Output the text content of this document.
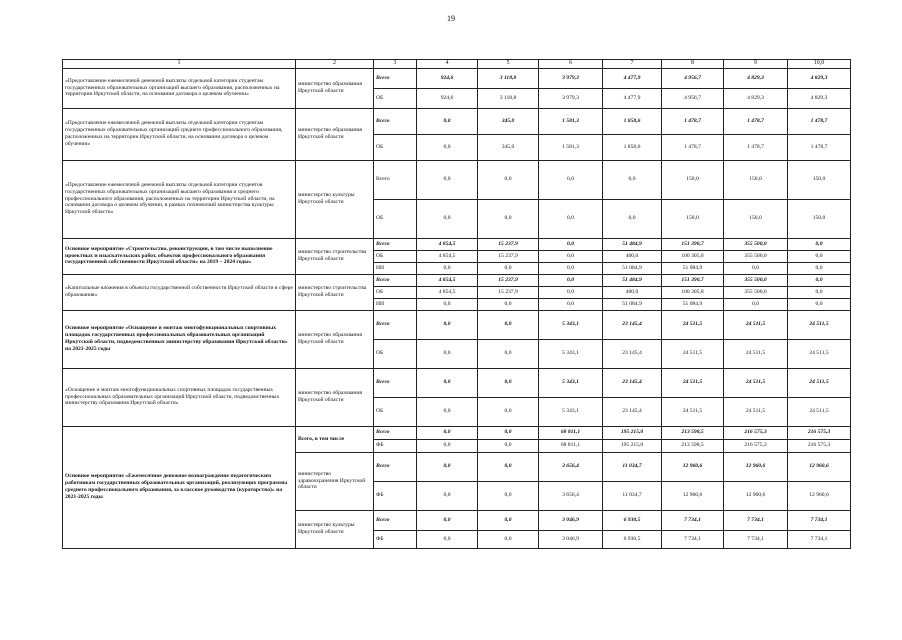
19
1	2	3	4	5	6	7	8	9	10,0
«Предоставление ежемесячной денежной выплаты отдельной категории студентам государственных образовательных организаций высшего образования, расположенных на территории Иркутской области, на основании договора о целевом обучении»	министерство образования Иркутской области	Всего	924,6	3 118,8	3 979,3	4 477,9	4 956,7	4 829,3	4 829,3
		ОБ	924,6	3 118,8	3 979,3	4 477,9	4 956,7	4 829,3	4 829,3
«Предоставление ежемесячной денежной выплаты отдельной категории студентам государственных образовательных организаций среднего профессионального образования, расположенных на территории Иркутской области, на основании договора о целевом обучении»	министерство образования Иркутской области	Всего	0,0	345,0	1 581,3	1 858,6	1 478,7	1 478,7	1 478,7
		ОБ	0,0	345,0	1 581,3	1 858,6	1 478,7	1 478,7	1 478,7
«Предоставление ежемесячной денежной выплаты отдельной категории студентов государственных образовательных организаций высшего образования и среднего профессионального образования, расположенных на территории Иркутской области, на основании договора о целевом обучении, в рамках полномочий министерства культуры Иркутской области»	министерство культуры Иркутской области	Всего	0,0	0,0	0,0	0,0	150,0	150,0	150,0
		ОБ	0,0	0,0	0,0	0,0	150,0	150,0	150,0
Основное мероприятие «Строительство, реконструкция, в том числе выполнение проектных и изыскательских работ, объектов профессионального образования государственной собственности Иркутской области» на 2019 – 2024 годы»	министерство строительства Иркутской области	Всего	4 854,5	15 237,9	0,0	51 484,9	151 390,7	355 500,0	0,0
		ОБ	4 854,5	15 237,9	0,0	400,0	100 305,8	355 500,0	0,0
		ИИ	0,0	0,0	0,0	51 084,9	51 084,9	0,0	0,0
«Капитальные вложения в объекты государственной собственности Иркутской области в сфере образования»	министерство строительства Иркутской области	Всего	4 854,5	15 237,9	0,0	51 484,9	151 390,7	355 500,0	0,0
		ОБ	4 854,5	15 237,9	0,0	400,0	100 305,8	355 500,0	0,0
		ИИ	0,0	0,0	0,0	51 084,9	51 084,9	0,0	0,0
Основное мероприятие «Оснащение и монтаж многофункциональных спортивных площадок государственных профессиональных образовательных организаций Иркутской области, подведомственных министерству образования Иркутской области» на 2021-2025 годы	министерство образования Иркутской области	Всего	0,0	0,0	5 343,1	23 145,4	24 511,5	24 511,5	24 511,5
		ОБ	0,0	0,0	5 343,1	23 145,4	24 511,5	24 511,5	24 511,5
«Оснащение и монтаж многофункциональных спортивных площадок государственных профессиональных образовательных организаций Иркутской области, подведомственных министерству образования Иркутской области»	министерство образования Иркутской области	Всего	0,0	0,0	5 343,1	23 145,4	24 511,5	24 511,5	24 511,5
		ОБ	0,0	0,0	5 343,1	23 145,4	24 511,5	24 511,5	24 511,5
Основное мероприятие «Ежемесячное денежное вознаграждение педагогическим работникам государственных образовательных организаций, реализующих программы среднего профессионального образования, за классное руководство (кураторство)» на 2021-2025 годы	Всего, в том числе	Всего	0,0	0,0	68 811,1	195 215,0	213 598,5	216 575,3	216 575,3
		ФБ	0,0	0,0	68 811,1	195 215,0	213 598,5	216 575,3	216 575,3
	министерство здравоохранения Иркутской области	Всего	0,0	0,0	3 656,4	11 034,7	12 960,6	12 960,6	12 960,6
		ФБ	0,0	0,0	3 656,4	11 034,7	12 960,6	12 960,6	12 960,6
	министерство культуры Иркутской области	Всего	0,0	0,0	3 046,9	6 930,5	7 734,1	7 734,1	7 734,1
		ФБ	0,0	0,0	3 046,9	6 930,5	7 734,1	7 734,1	7 734,1
